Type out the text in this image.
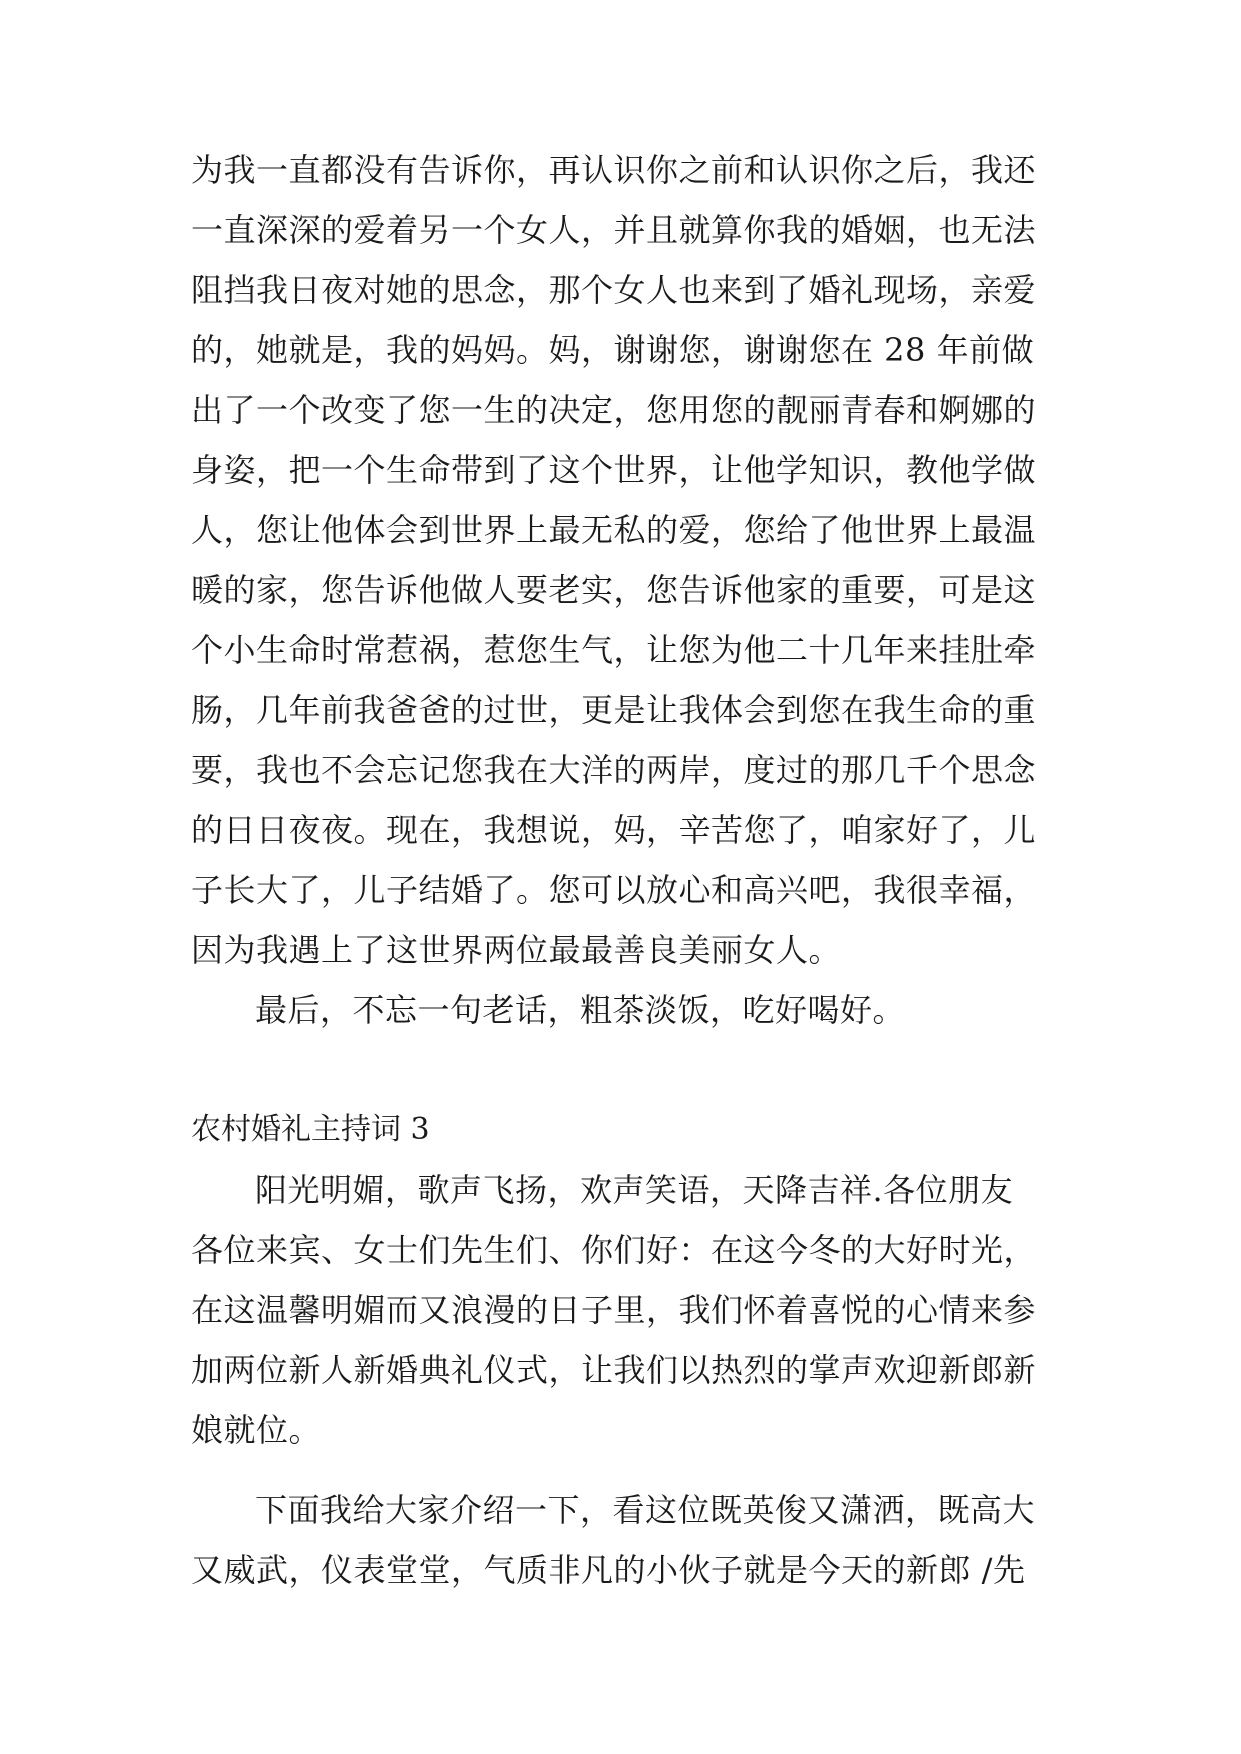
为我一直都没有告诉你，再认识你之前和认识你之后，我还
一直深深的爱着另一个女人，并且就算你我的婚姻，也无法
阻挡我日夜对她的思念，那个女人也来到了婚礼现场，亲爱
的，她就是，我的妈妈。妈，谢谢您，谢谢您在 28 年前做
出了一个改变了您一生的决定，您用您的靓丽青春和婀娜的
身姿，把一个生命带到了这个世界，让他学知识，教他学做
人，您让他体会到世界上最无私的爱，您给了他世界上最温
暖的家，您告诉他做人要老实，您告诉他家的重要，可是这
个小生命时常惹祸，惹您生气，让您为他二十几年来挂肚牵
肠，几年前我爸爸的过世，更是让我体会到您在我生命的重
要，我也不会忘记您我在大洋的两岸，度过的那几千个思念
的日日夜夜。现在，我想说，妈，辛苦您了，咱家好了，儿
子长大了，儿子结婚了。您可以放心和高兴吧，我很幸福，
因为我遇上了这世界两位最最善良美丽女人。
最后，不忘一句老话，粗茶淡饭，吃好喝好。
农村婚礼主持词 3
阳光明媚，歌声飞扬，欢声笑语，天降吉祥.各位朋友
各位来宾、女士们先生们、你们好：在这今冬的大好时光，
在这温馨明媚而又浪漫的日子里，我们怀着喜悦的心情来参
加两位新人新婚典礼仪式，让我们以热烈的掌声欢迎新郎新
娘就位。
下面我给大家介绍一下，看这位既英俊又潇洒，既高大
又威武，仪表堂堂，气质非凡的小伙子就是今天的新郎 /先
